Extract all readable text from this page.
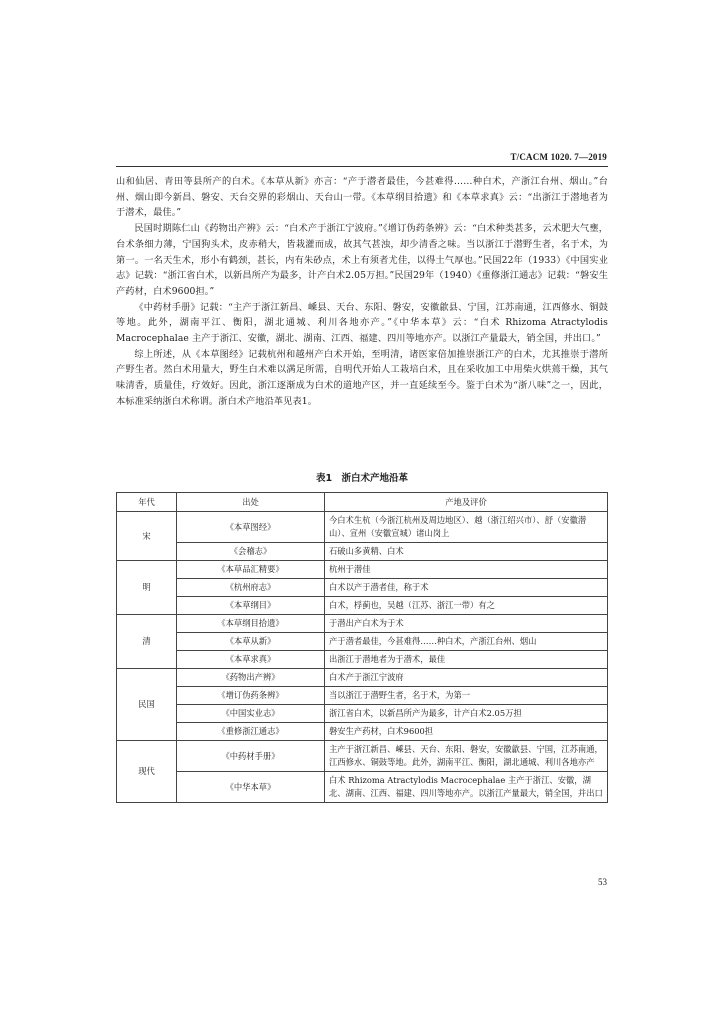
T/CACM 1020. 7—2019

山和仙居、青田等县所产的白术。《本草从新》亦言：“产于潜者最佳，今甚难得……种白术，产浙江台州、烟山。”台州、烟山即今新昌、磐安、天台交界的彩烟山、天台山一带。《本草纲目拾遗》和《本草求真》云：“出浙江于潜地者为于潜术，最佳。”

民国时期陈仁山《药物出产辨》云：“白术产于浙江宁波府。”《增订伪药条辨》云：“白术种类甚多，云术肥大气壅，台术条细力薄，宁国狗头术，皮赤稍大，皆栽灌而成，故其气甚浊，却少清香之味。当以浙江于潜野生者，名于术，为第一。一名天生术，形小有鹤颈，甚长，内有朱砂点，术上有须者尤佳，以得土气厚也。”民国22年（1933）《中国实业志》记载：“浙江省白术，以新昌所产为最多，计产白术2.05万担。”民国29年（1940）《重修浙江通志》记载：“磐安生产药材，白术9600担。”

《中药材手册》记载：“主产于浙江新昌、嵊县、天台、东阳、磐安，安徽歙县、宁国，江苏南通，江西修水、铜鼓等地。此外，湖南平江、衡阳，湖北通城、利川各地亦产。”《中华本草》云：“白术 Rhizoma Atractylodis Macrocephalae 主产于浙江、安徽，湖北、湖南、江西、福建、四川等地亦产。以浙江产量最大，销全国，并出口。”

综上所述，从《本草图经》记载杭州和越州产白术开始，至明清，诸医家倍加推崇浙江产的白术，尤其推崇于潜所产野生者。然白术用量大，野生白术难以满足所需，自明代开始人工栽培白术，且在采收加工中用柴火烘蔫干燥，其气味清香，质量佳，疗效好。因此，浙江逐渐成为白术的道地产区，并一直延续至今。鉴于白术为“浙八味”之一，因此，本标准采纳浙白术称谓。浙白术产地沿革见表1。

表1　浙白术产地沿革
年代	出处	产地及评价
宋	《本草图经》	今白术生杭（今浙江杭州及周边地区）、越（浙江绍兴市）、舒（安徽潜山）、宣州（安徽宣城）诸山岗上
	《会稽志》	石破山多黄精、白术
明	《本草品汇精要》	杭州于潜佳
	《杭州府志》	白术以产于潜者佳，称于术
	《本草纲目》	白术，桴蓟也，吴越（江苏、浙江一带）有之
清	《本草纲目拾遗》	于潜出产白术为于术
	《本草从新》	产于潜者最佳，今甚难得……种白术，产浙江台州、烟山
	《本草求真》	出浙江于潜地者为于潜术，最佳
民国	《药物出产辨》	白术产于浙江宁波府
	《增订伪药条辨》	当以浙江于潜野生者，名于术，为第一
	《中国实业志》	浙江省白术，以新昌所产为最多，计产白术2.05万担
	《重修浙江通志》	磐安生产药材，白术9600担
现代	《中药材手册》	主产于浙江新昌、嵊县、天台、东阳、磐安，安徽歙县、宁国，江苏南通，江西修水、铜鼓等地。此外，湖南平江、衡阳，湖北通城、利川各地亦产
	《中华本草》	白术 Rhizoma Atractylodis Macrocephalae 主产于浙江、安徽，湖北、湖南、江西、福建、四川等地亦产。以浙江产量最大，销全国，并出口
53
